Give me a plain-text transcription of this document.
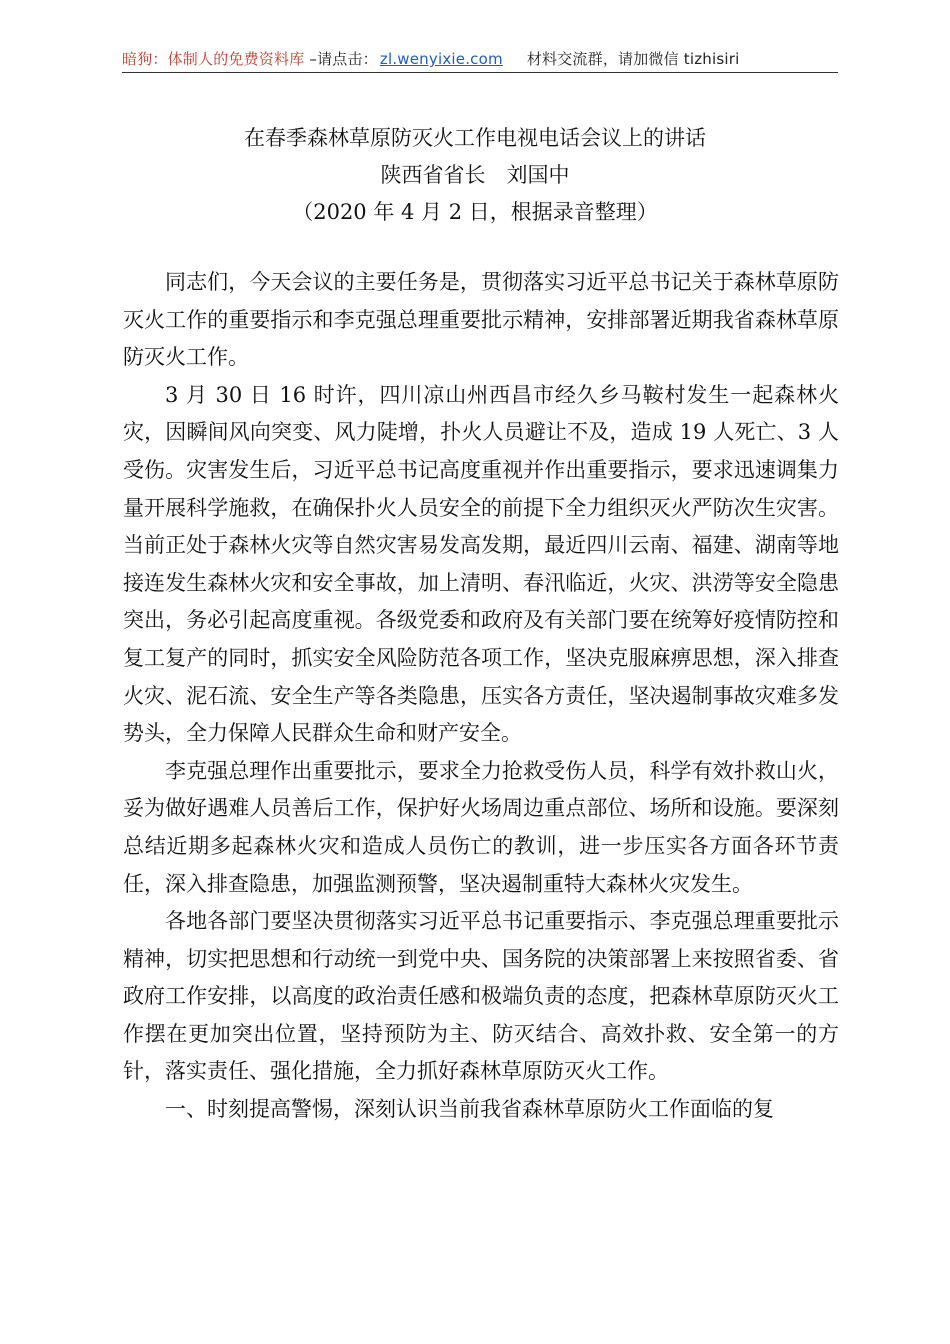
暗狗：体制人的免费资料库 –请点击： zl.wenyixie.com 材料交流群，请加微信 tizhisiri
在春季森林草原防灭火工作电视电话会议上的讲话
陕西省省长　刘国中
（2020 年 4 月 2 日，根据录音整理）

同志们，今天会议的主要任务是，贯彻落实习近平总书记关于森林草原防灭火工作的重要指示和李克强总理重要批示精神，安排部署近期我省森林草原防灭火工作。

3 月 30 日 16 时许，四川凉山州西昌市经久乡马鞍村发生一起森林火灾，因瞬间风向突变、风力陡增，扑火人员避让不及，造成 19 人死亡、3 人受伤。灾害发生后，习近平总书记高度重视并作出重要指示，要求迅速调集力量开展科学施救，在确保扑火人员安全的前提下全力组织灭火严防次生灾害。当前正处于森林火灾等自然灾害易发高发期，最近四川云南、福建、湖南等地接连发生森林火灾和安全事故，加上清明、春汛临近，火灾、洪涝等安全隐患突出，务必引起高度重视。各级党委和政府及有关部门要在统筹好疫情防控和复工复产的同时，抓实安全风险防范各项工作，坚决克服麻痹思想，深入排查火灾、泥石流、安全生产等各类隐患，压实各方责任，坚决遏制事故灾难多发势头，全力保障人民群众生命和财产安全。

李克强总理作出重要批示，要求全力抢救受伤人员，科学有效扑救山火，妥为做好遇难人员善后工作，保护好火场周边重点部位、场所和设施。要深刻总结近期多起森林火灾和造成人员伤亡的教训，进一步压实各方面各环节责任，深入排查隐患，加强监测预警，坚决遏制重特大森林火灾发生。

各地各部门要坚决贯彻落实习近平总书记重要指示、李克强总理重要批示精神，切实把思想和行动统一到党中央、国务院的决策部署上来按照省委、省政府工作安排，以高度的政治责任感和极端负责的态度，把森林草原防灭火工作摆在更加突出位置，坚持预防为主、防灭结合、高效扑救、安全第一的方针，落实责任、强化措施，全力抓好森林草原防灭火工作。

一、时刻提高警惕，深刻认识当前我省森林草原防火工作面临的复
